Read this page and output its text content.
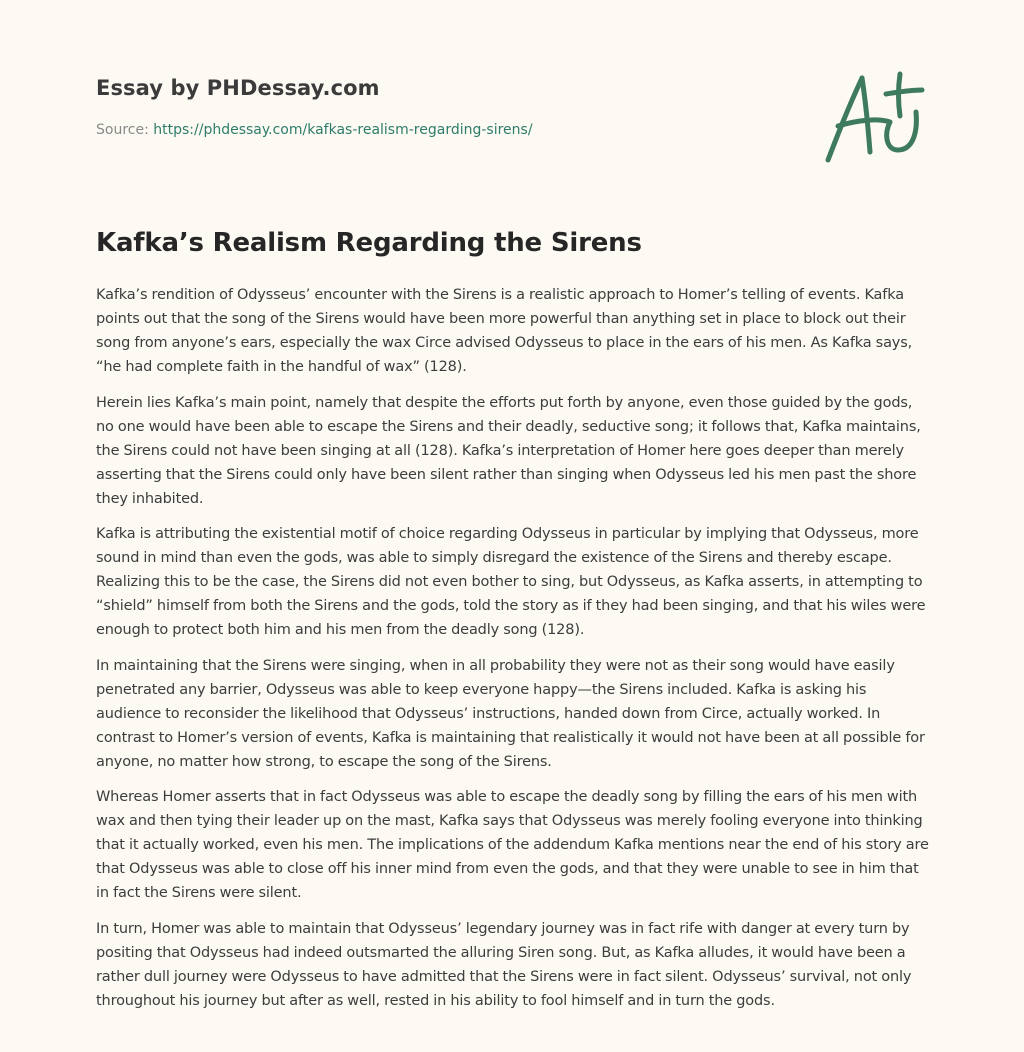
Essay by PHDessay.com
Source: https://phdessay.com/kafkas-realism-regarding-sirens/
Kafka’s Realism Regarding the Sirens

Kafka’s rendition of Odysseus’ encounter with the Sirens is a realistic approach to Homer’s telling of events. Kafka points out that the song of the Sirens would have been more powerful than anything set in place to block out their song from anyone’s ears, especially the wax Circe advised Odysseus to place in the ears of his men. As Kafka says, “he had complete faith in the handful of wax” (128).

Herein lies Kafka’s main point, namely that despite the efforts put forth by anyone, even those guided by the gods, no one would have been able to escape the Sirens and their deadly, seductive song; it follows that, Kafka maintains, the Sirens could not have been singing at all (128). Kafka’s interpretation of Homer here goes deeper than merely asserting that the Sirens could only have been silent rather than singing when Odysseus led his men past the shore they inhabited.

Kafka is attributing the existential motif of choice regarding Odysseus in particular by implying that Odysseus, more sound in mind than even the gods, was able to simply disregard the existence of the Sirens and thereby escape. Realizing this to be the case, the Sirens did not even bother to sing, but Odysseus, as Kafka asserts, in attempting to “shield” himself from both the Sirens and the gods, told the story as if they had been singing, and that his wiles were enough to protect both him and his men from the deadly song (128).

In maintaining that the Sirens were singing, when in all probability they were not as their song would have easily penetrated any barrier, Odysseus was able to keep everyone happy—the Sirens included. Kafka is asking his audience to reconsider the likelihood that Odysseus’ instructions, handed down from Circe, actually worked. In contrast to Homer’s version of events, Kafka is maintaining that realistically it would not have been at all possible for anyone, no matter how strong, to escape the song of the Sirens.

Whereas Homer asserts that in fact Odysseus was able to escape the deadly song by filling the ears of his men with wax and then tying their leader up on the mast, Kafka says that Odysseus was merely fooling everyone into thinking that it actually worked, even his men. The implications of the addendum Kafka mentions near the end of his story are that Odysseus was able to close off his inner mind from even the gods, and that they were unable to see in him that in fact the Sirens were silent.

In turn, Homer was able to maintain that Odysseus’ legendary journey was in fact rife with danger at every turn by positing that Odysseus had indeed outsmarted the alluring Siren song. But, as Kafka alludes, it would have been a rather dull journey were Odysseus to have admitted that the Sirens were in fact silent. Odysseus’ survival, not only throughout his journey but after as well, rested in his ability to fool himself and in turn the gods.
